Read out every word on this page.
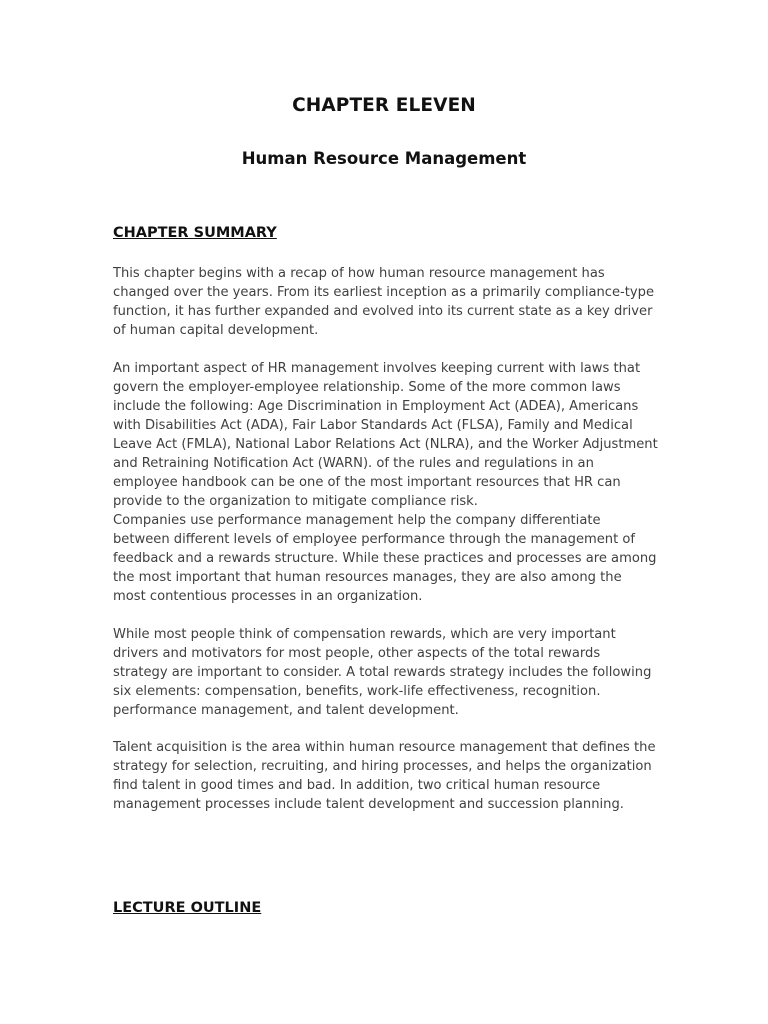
CHAPTER ELEVEN
Human Resource Management
CHAPTER SUMMARY

This chapter begins with a recap of how human resource management has changed over the years. From its earliest inception as a primarily compliance-type function, it has further expanded and evolved into its current state as a key driver of human capital development.

An important aspect of HR management involves keeping current with laws that govern the employer-employee relationship. Some of the more common laws include the following: Age Discrimination in Employment Act (ADEA), Americans with Disabilities Act (ADA), Fair Labor Standards Act (FLSA), Family and Medical Leave Act (FMLA), National Labor Relations Act (NLRA), and the Worker Adjustment and Retraining Notification Act (WARN). of the rules and regulations in an employee handbook can be one of the most important resources that HR can provide to the organization to mitigate compliance risk.

Companies use performance management help the company differentiate between different levels of employee performance through the management of feedback and a rewards structure. While these practices and processes are among the most important that human resources manages, they are also among the most contentious processes in an organization.

While most people think of compensation rewards, which are very important drivers and motivators for most people, other aspects of the total rewards strategy are important to consider. A total rewards strategy includes the following six elements: compensation, benefits, work-life effectiveness, recognition. performance management, and talent development.

Talent acquisition is the area within human resource management that defines the strategy for selection, recruiting, and hiring processes, and helps the organization find talent in good times and bad. In addition, two critical human resource management processes include talent development and succession planning.

LECTURE OUTLINE
